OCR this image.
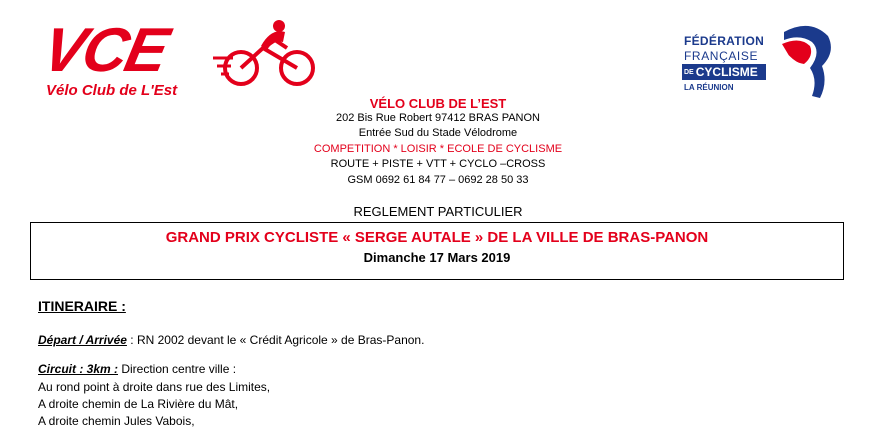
VCE
Vélo Club de L'Est
FÉDÉRATION
FRANÇAISE
DE CYCLISME
LA RÉUNION
VÉLO CLUB DE L’EST
202 Bis Rue Robert 97412 BRAS PANON
Entrée Sud du Stade Vélodrome
COMPETITION * LOISIR * ECOLE DE CYCLISME
ROUTE + PISTE + VTT + CYCLO –CROSS
GSM 0692 61 84 77 – 0692 28 50 33
REGLEMENT PARTICULIER
GRAND PRIX CYCLISTE « SERGE AUTALE » DE LA VILLE DE BRAS-PANON
Dimanche 17 Mars 2019
ITINERAIRE :
Départ / Arrivée : RN 2002 devant le « Crédit Agricole » de Bras-Panon.
Circuit : 3km : Direction centre ville :
Au rond point à droite dans rue des Limites,
A droite chemin de La Rivière du Mât,
A droite chemin Jules Vabois,
